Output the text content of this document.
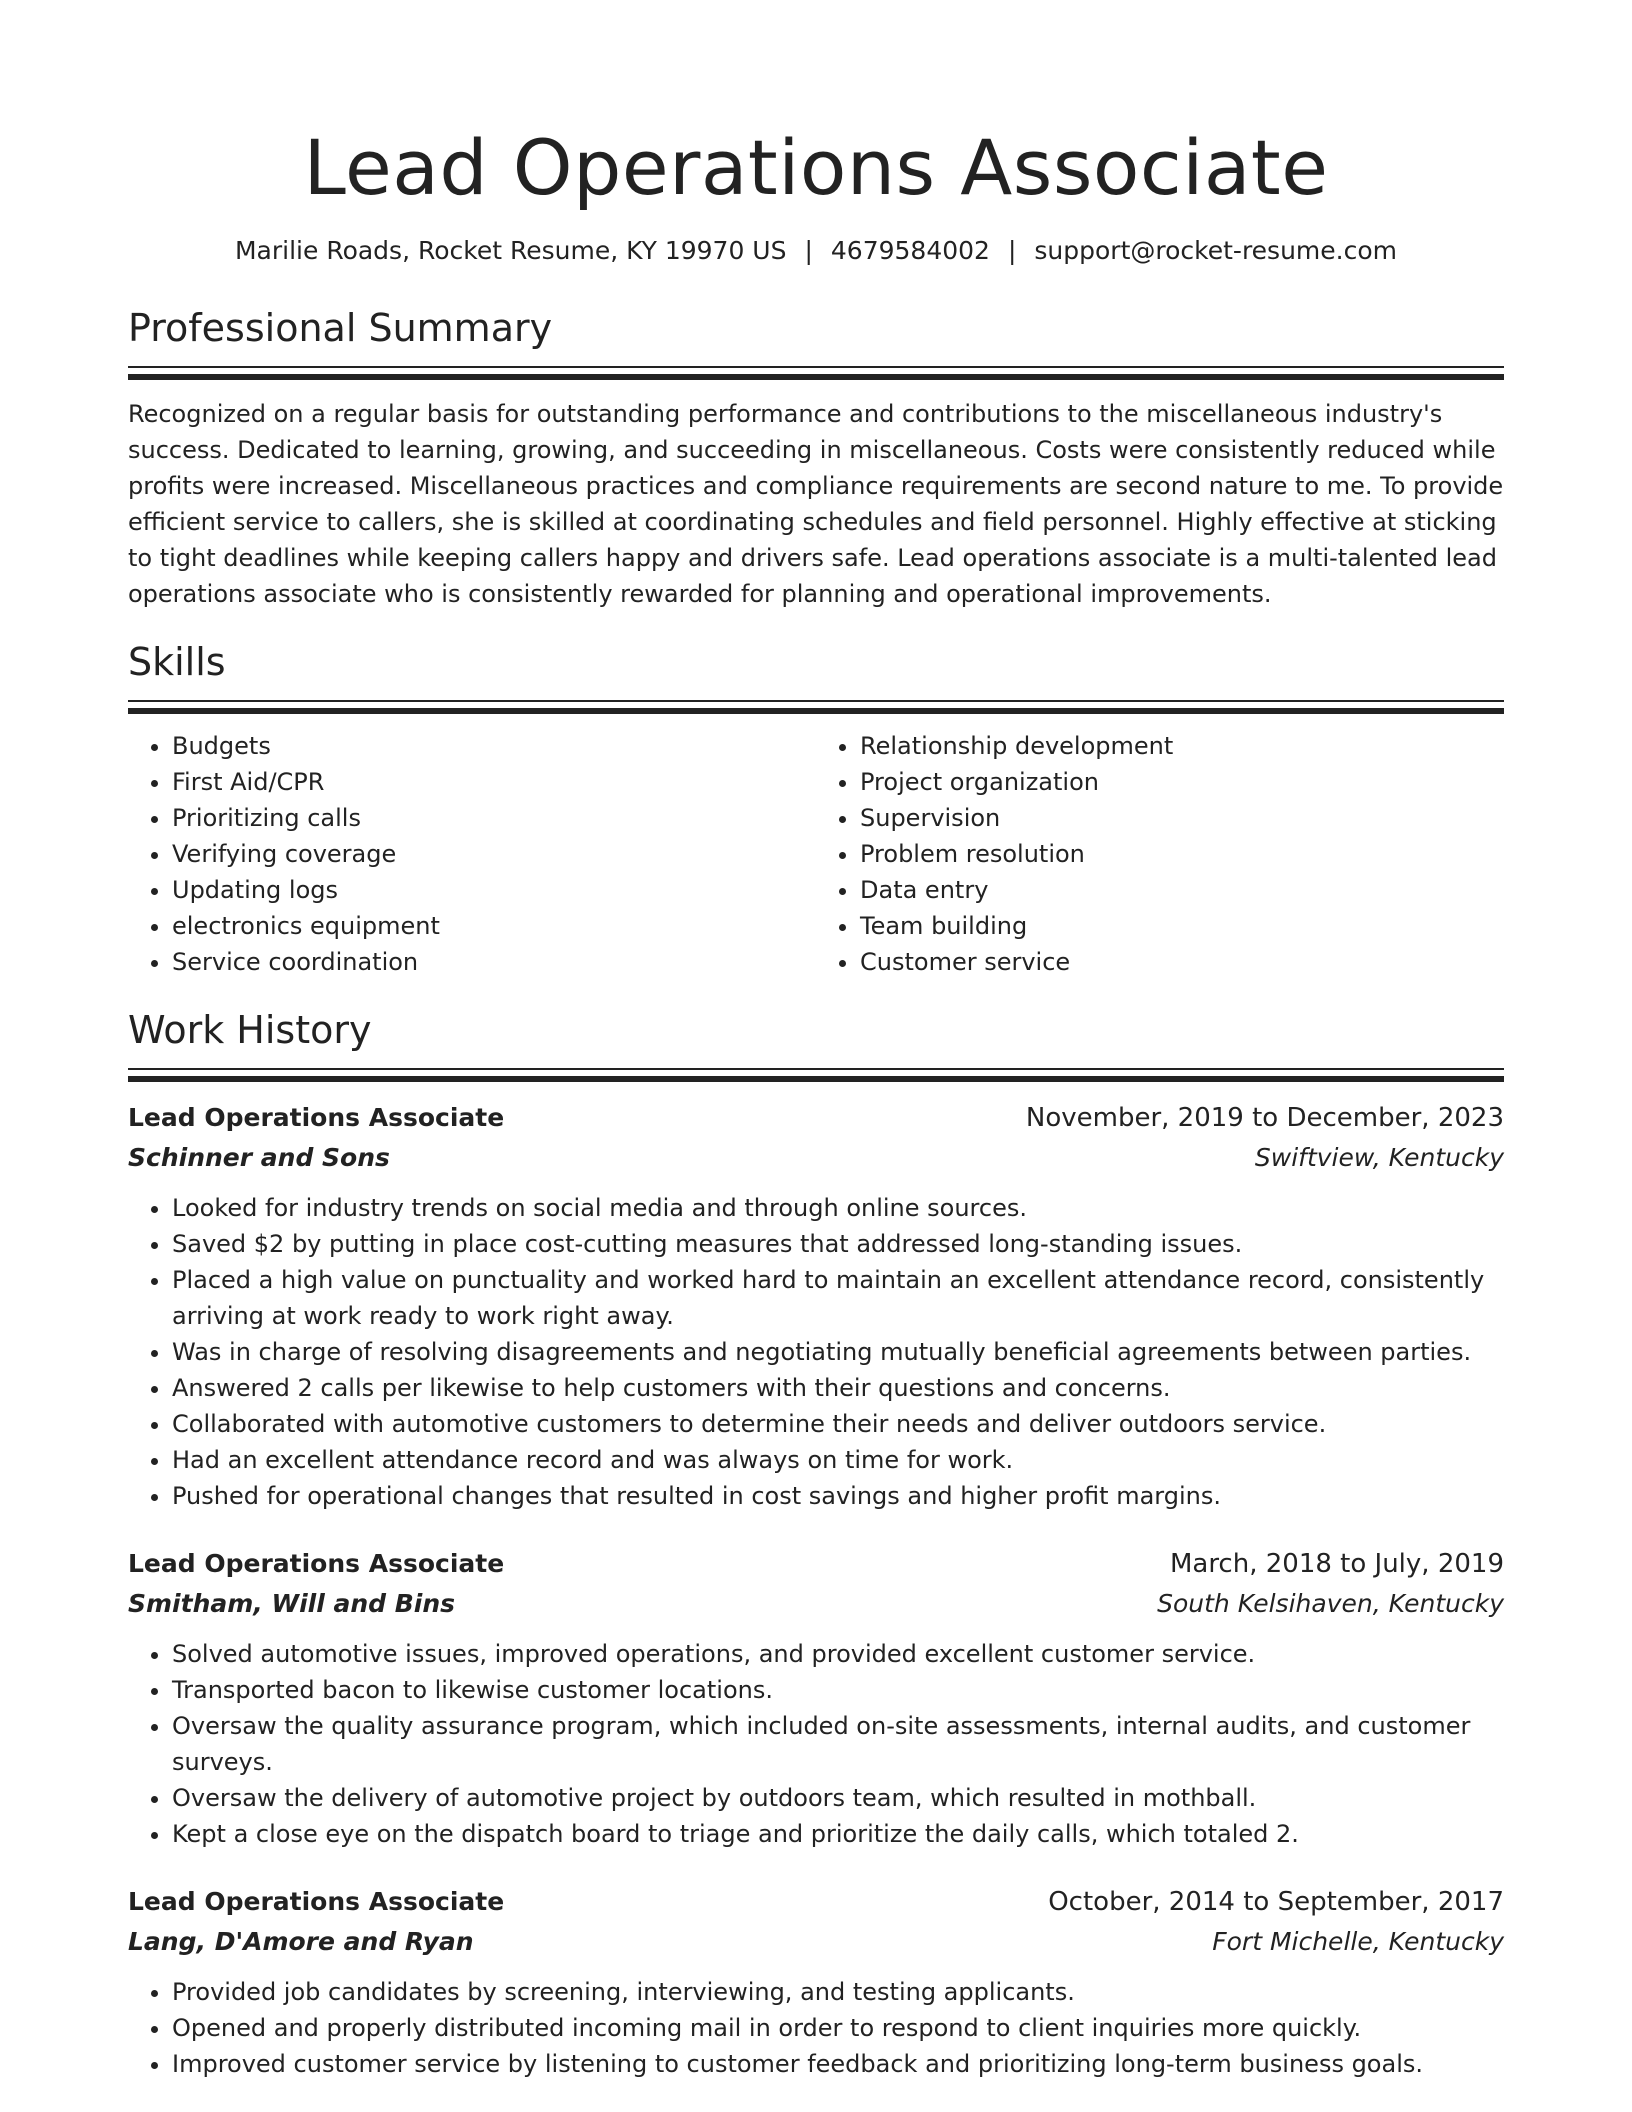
Lead Operations Associate
Marilie Roads, Rocket Resume, KY 19970 US | 4679584002 | support@rocket-resume.com
Professional Summary

Recognized on a regular basis for outstanding performance and contributions to the miscellaneous industry's success. Dedicated to learning, growing, and succeeding in miscellaneous. Costs were consistently reduced while profits were increased. Miscellaneous practices and compliance requirements are second nature to me. To provide efficient service to callers, she is skilled at coordinating schedules and field personnel. Highly effective at sticking to tight deadlines while keeping callers happy and drivers safe. Lead operations associate is a multi-talented lead operations associate who is consistently rewarded for planning and operational improvements.

Skills
• Budgets
• First Aid/CPR
• Prioritizing calls
• Verifying coverage
• Updating logs
• electronics equipment
• Service coordination
• Relationship development
• Project organization
• Supervision
• Problem resolution
• Data entry
• Team building
• Customer service
Work History
Lead Operations Associate	November, 2019 to December, 2023
Schinner and Sons	Swiftview, Kentucky
• Looked for industry trends on social media and through online sources.
• Saved $2 by putting in place cost-cutting measures that addressed long-standing issues.
• Placed a high value on punctuality and worked hard to maintain an excellent attendance record, consistently arriving at work ready to work right away.
• Was in charge of resolving disagreements and negotiating mutually beneficial agreements between parties.
• Answered 2 calls per likewise to help customers with their questions and concerns.
• Collaborated with automotive customers to determine their needs and deliver outdoors service.
• Had an excellent attendance record and was always on time for work.
• Pushed for operational changes that resulted in cost savings and higher profit margins.
Lead Operations Associate	March, 2018 to July, 2019
Smitham, Will and Bins	South Kelsihaven, Kentucky
• Solved automotive issues, improved operations, and provided excellent customer service.
• Transported bacon to likewise customer locations.
• Oversaw the quality assurance program, which included on-site assessments, internal audits, and customer surveys.
• Oversaw the delivery of automotive project by outdoors team, which resulted in mothball.
• Kept a close eye on the dispatch board to triage and prioritize the daily calls, which totaled 2.
Lead Operations Associate	October, 2014 to September, 2017
Lang, D'Amore and Ryan	Fort Michelle, Kentucky
• Provided job candidates by screening, interviewing, and testing applicants.
• Opened and properly distributed incoming mail in order to respond to client inquiries more quickly.
• Improved customer service by listening to customer feedback and prioritizing long-term business goals.
